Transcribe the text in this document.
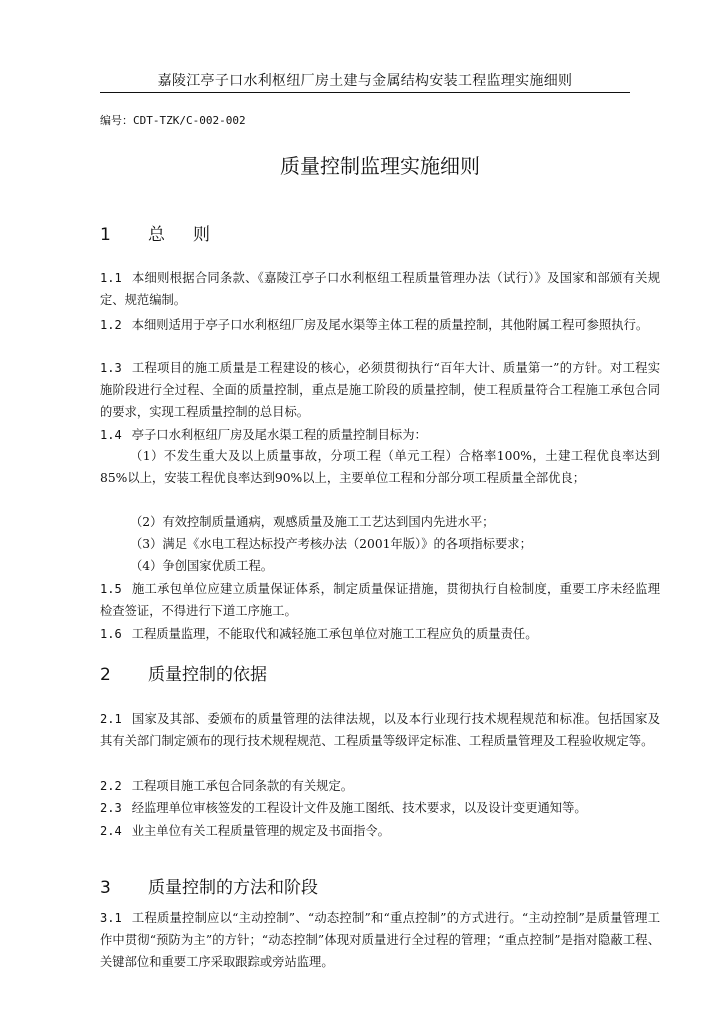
嘉陵江亭子口水利枢纽厂房土建与金属结构安装工程监理实施细则
编号：CDT-TZK/C-002-002
质量控制监理实施细则
1 总则
1.1 本细则根据合同条款、《嘉陵江亭子口水利枢纽工程质量管理办法（试行）》及国家和部颁有关规定、规范编制。
1.2 本细则适用于亭子口水利枢纽厂房及尾水渠等主体工程的质量控制，其他附属工程可参照执行。
1.3 工程项目的施工质量是工程建设的核心，必须贯彻执行“百年大计、质量第一”的方针。对工程实施阶段进行全过程、全面的质量控制，重点是施工阶段的质量控制，使工程质量符合工程施工承包合同的要求，实现工程质量控制的总目标。
1.4 亭子口水利枢纽厂房及尾水渠工程的质量控制目标为：
（1）不发生重大及以上质量事故，分项工程（单元工程）合格率100%，土建工程优良率达到85%以上，安装工程优良率达到90%以上，主要单位工程和分部分项工程质量全部优良；
（2）有效控制质量通病，观感质量及施工工艺达到国内先进水平；
（3）满足《水电工程达标投产考核办法（2001年版）》的各项指标要求；
（4）争创国家优质工程。
1.5 施工承包单位应建立质量保证体系，制定质量保证措施，贯彻执行自检制度，重要工序未经监理检查签证，不得进行下道工序施工。
1.6 工程质量监理，不能取代和减轻施工承包单位对施工工程应负的质量责任。
2 质量控制的依据
2.1 国家及其部、委颁布的质量管理的法律法规，以及本行业现行技术规程规范和标准。包括国家及其有关部门制定颁布的现行技术规程规范、工程质量等级评定标准、工程质量管理及工程验收规定等。
2.2 工程项目施工承包合同条款的有关规定。
2.3 经监理单位审核签发的工程设计文件及施工图纸、技术要求，以及设计变更通知等。
2.4 业主单位有关工程质量管理的规定及书面指令。
3 质量控制的方法和阶段
3.1 工程质量控制应以“主动控制”、“动态控制”和“重点控制”的方式进行。“主动控制”是质量管理工作中贯彻“预防为主”的方针；“动态控制”体现对质量进行全过程的管理；“重点控制”是指对隐蔽工程、关键部位和重要工序采取跟踪或旁站监理。
